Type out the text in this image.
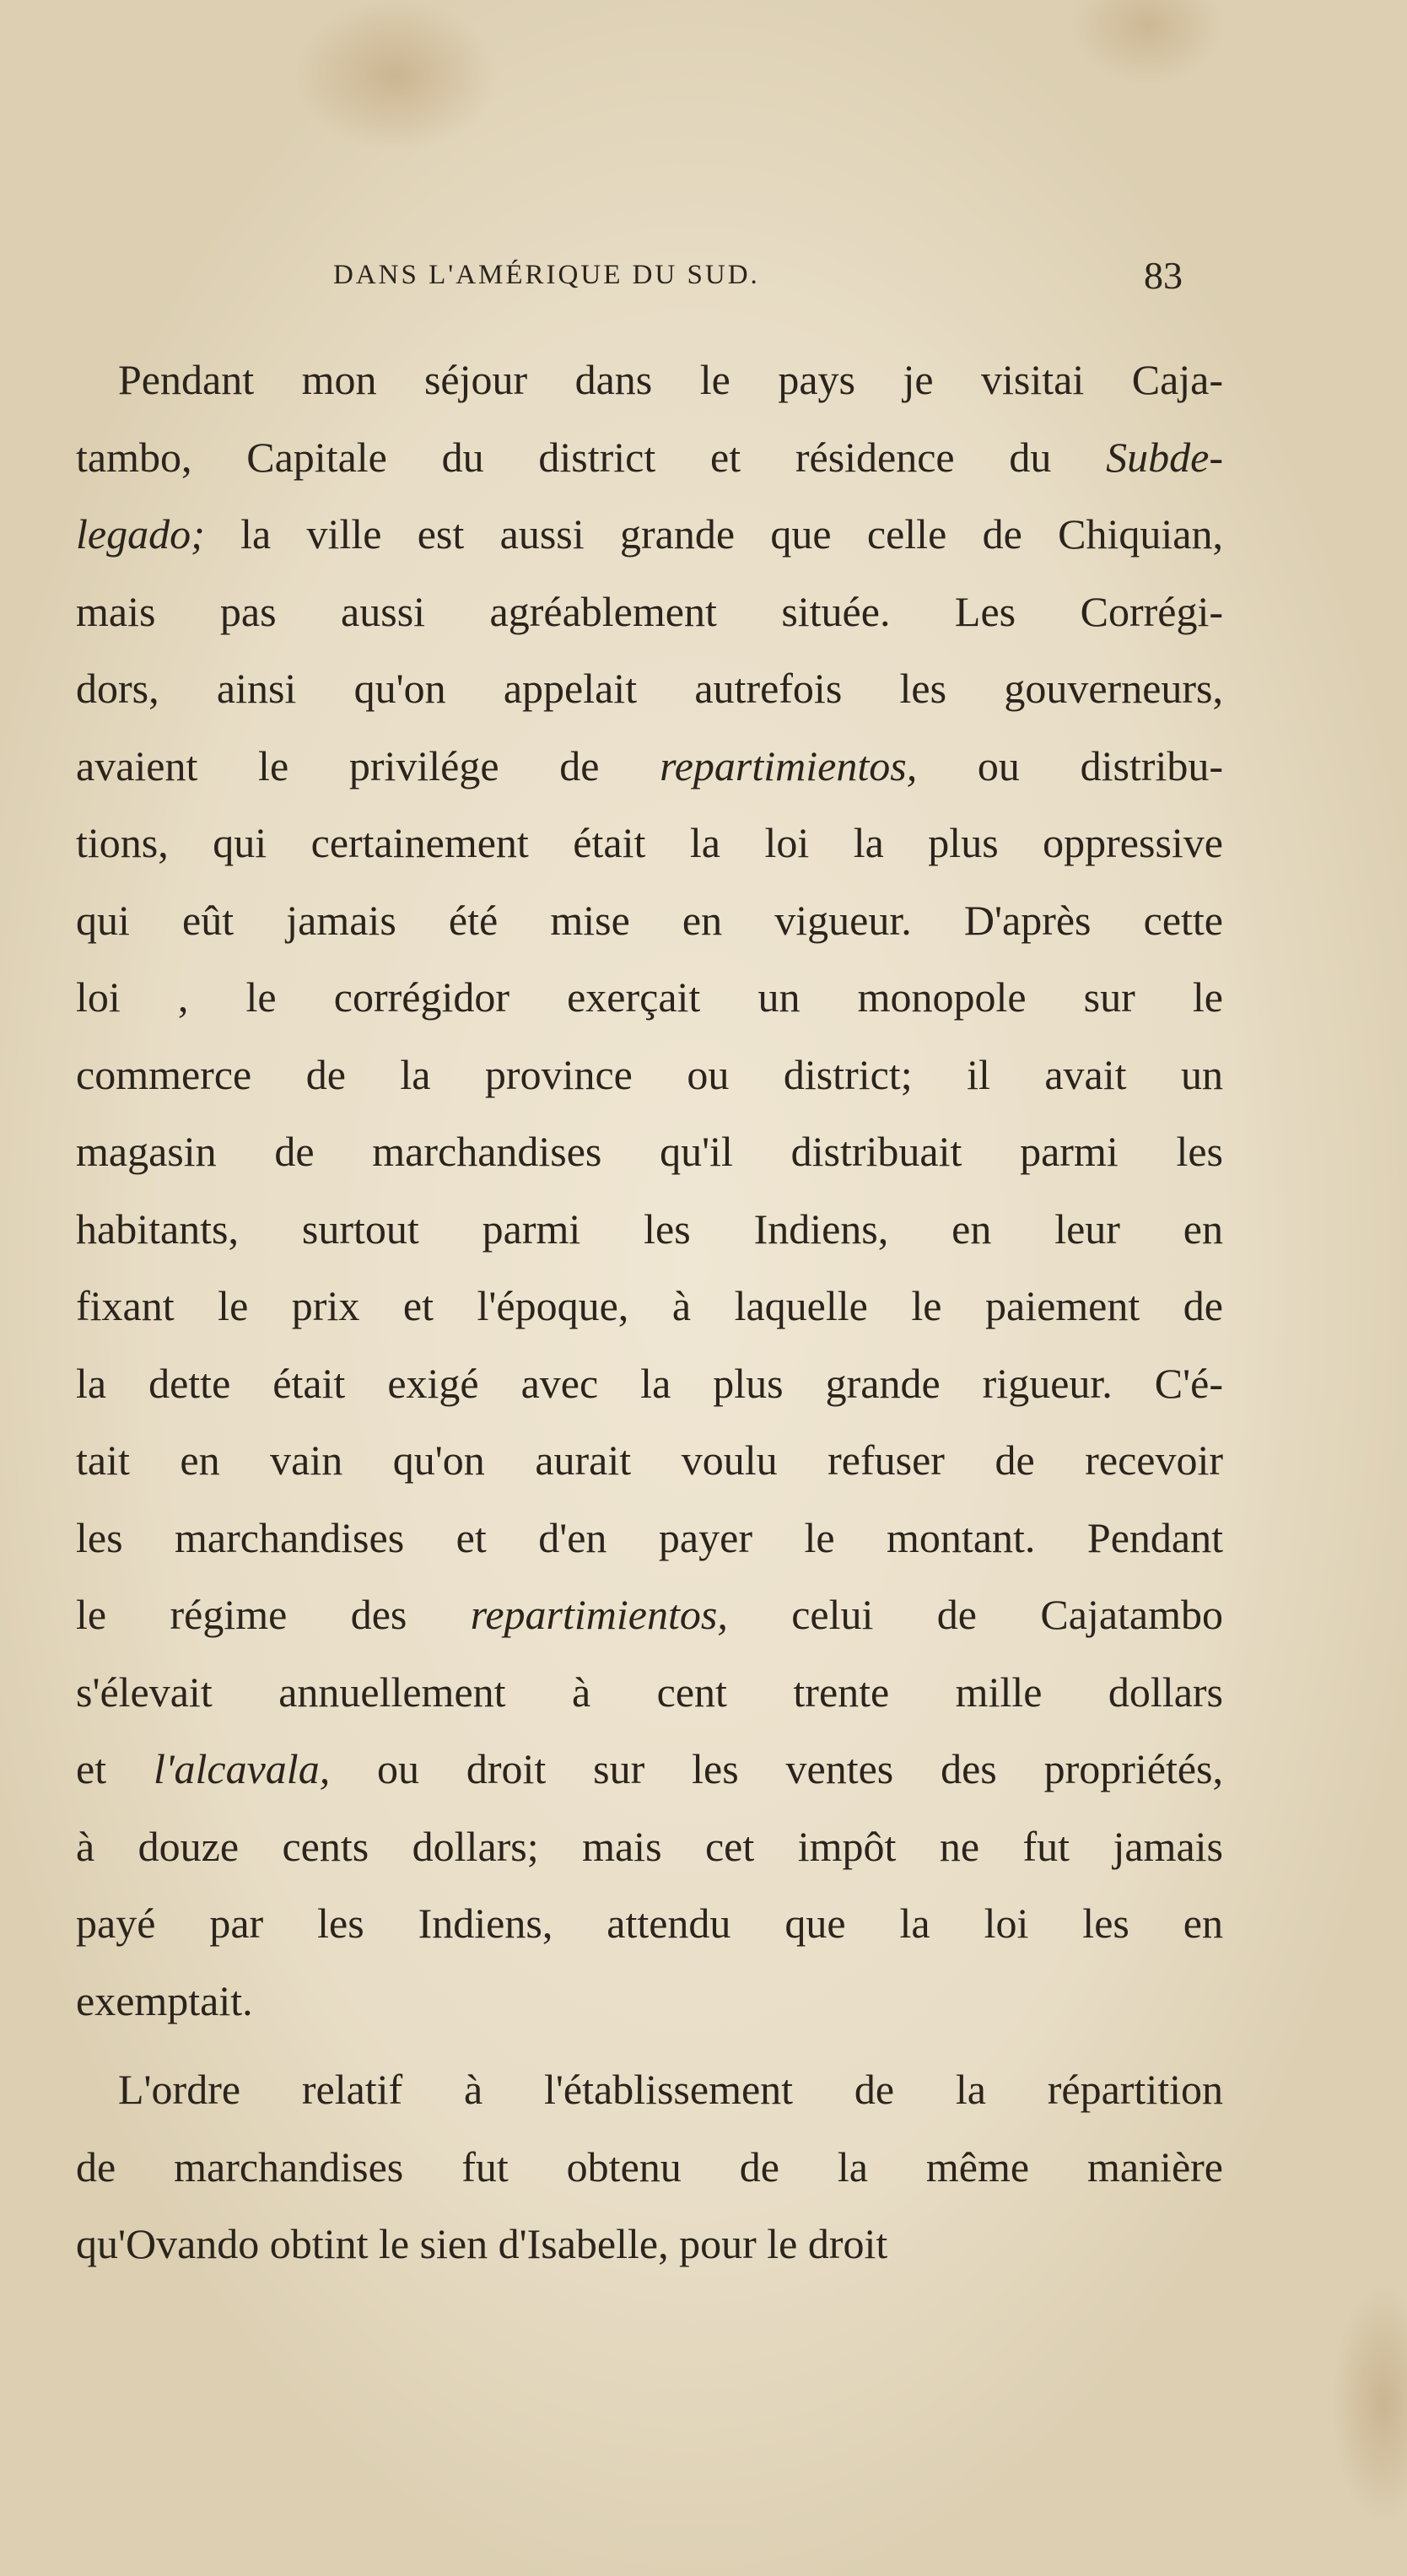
DANS L'AMÉRIQUE DU SUD.	83
Pendant mon séjour dans le pays je visitai Caja-
tambo, Capitale du district et résidence du Subde-
legado; la ville est aussi grande que celle de Chiquian,
mais pas aussi agréablement située. Les Corrégi-
dors, ainsi qu'on appelait autrefois les gouverneurs,
avaient le privilége de repartimientos, ou distribu-
tions, qui certainement était la loi la plus oppressive
qui eût jamais été mise en vigueur. D'après cette
loi , le corrégidor exerçait un monopole sur le
commerce de la province ou district; il avait un
magasin de marchandises qu'il distribuait parmi les
habitants, surtout parmi les Indiens, en leur en
fixant le prix et l'époque, à laquelle le paiement de
la dette était exigé avec la plus grande rigueur. C'é-
tait en vain qu'on aurait voulu refuser de recevoir
les marchandises et d'en payer le montant. Pendant
le régime des repartimientos, celui de Cajatambo
s'élevait annuellement à cent trente mille dollars
et l'alcavala, ou droit sur les ventes des propriétés,
à douze cents dollars; mais cet impôt ne fut jamais
payé par les Indiens, attendu que la loi les en
exemptait.
L'ordre relatif à l'établissement de la répartition
de marchandises fut obtenu de la même manière
qu'Ovando obtint le sien d'Isabelle, pour le droit
